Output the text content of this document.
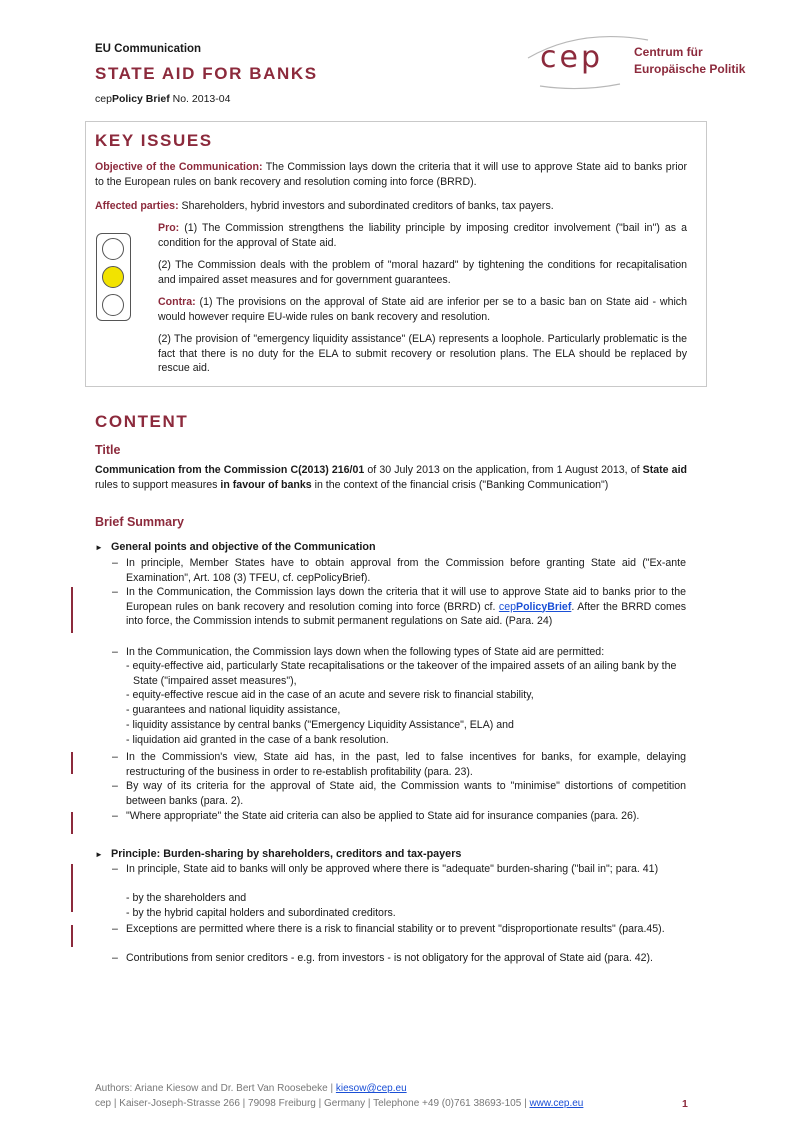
EU Communication
STATE AID FOR BANKS
cepPolicy Brief No. 2013-04
cep	Centrum für
Europäische Politik
KEY ISSUES
Objective of the Communication: The Commission lays down the criteria that it will use to approve State aid to banks prior to the European rules on bank recovery and resolution coming into force (BRRD).
Affected parties: Shareholders, hybrid investors and subordinated creditors of banks, tax payers.
Pro: (1) The Commission strengthens the liability principle by imposing creditor involvement ("bail in") as a condition for the approval of State aid.
(2) The Commission deals with the problem of "moral hazard" by tightening the conditions for recapitalisation and impaired asset measures and for government guarantees.
Contra: (1) The provisions on the approval of State aid are inferior per se to a basic ban on State aid - which would however require EU-wide rules on bank recovery and resolution.
(2) The provision of "emergency liquidity assistance" (ELA) represents a loophole. Particularly problematic is the fact that there is no duty for the ELA to submit recovery or resolution plans. The ELA should be replaced by rescue aid.
CONTENT
Title
Communication from the Commission C(2013) 216/01 of 30 July 2013 on the application, from 1 August 2013, of State aid rules to support measures in favour of banks in the context of the financial crisis ("Banking Communication")
Brief Summary
► General points and objective of the Communication
– In principle, Member States have to obtain approval from the Commission before granting State aid ("Ex-ante Examination", Art. 108 (3) TFEU, cf. cepPolicyBrief).
– In the Communication, the Commission lays down the criteria that it will use to approve State aid to banks prior to the European rules on bank recovery and resolution coming into force (BRRD) cf. cepPolicyBrief. After the BRRD comes into force, the Commission intends to submit permanent regulations on Sate aid. (Para. 24)
– In the Communication, the Commission lays down when the following types of State aid are permitted:
- equity-effective aid, particularly State recapitalisations or the takeover of the impaired assets of an ailing bank by the State ("impaired asset measures"),
- equity-effective rescue aid in the case of an acute and severe risk to financial stability,
- guarantees and national liquidity assistance,
- liquidity assistance by central banks ("Emergency Liquidity Assistance", ELA) and
- liquidation aid granted in the case of a bank resolution.
– In the Commission's view, State aid has, in the past, led to false incentives for banks, for example, delaying restructuring of the business in order to re-establish profitability (para. 23).
– By way of its criteria for the approval of State aid, the Commission wants to "minimise" distortions of competition between banks (para. 2).
– "Where appropriate" the State aid criteria can also be applied to State aid for insurance companies (para. 26).
► Principle: Burden-sharing by shareholders, creditors and tax-payers
– In principle, State aid to banks will only be approved where there is "adequate" burden-sharing ("bail in"; para. 41)
- by the shareholders and
- by the hybrid capital holders and subordinated creditors.
– Exceptions are permitted where there is a risk to financial stability or to prevent "disproportionate results" (para.45).
– Contributions from senior creditors - e.g. from investors - is not obligatory for the approval of State aid (para. 42).
Authors: Ariane Kiesow and Dr. Bert Van Roosebeke | kiesow@cep.eu
cep | Kaiser-Joseph-Strasse 266 | 79098 Freiburg | Germany | Telephone +49 (0)761 38693-105 | www.cep.eu	1
